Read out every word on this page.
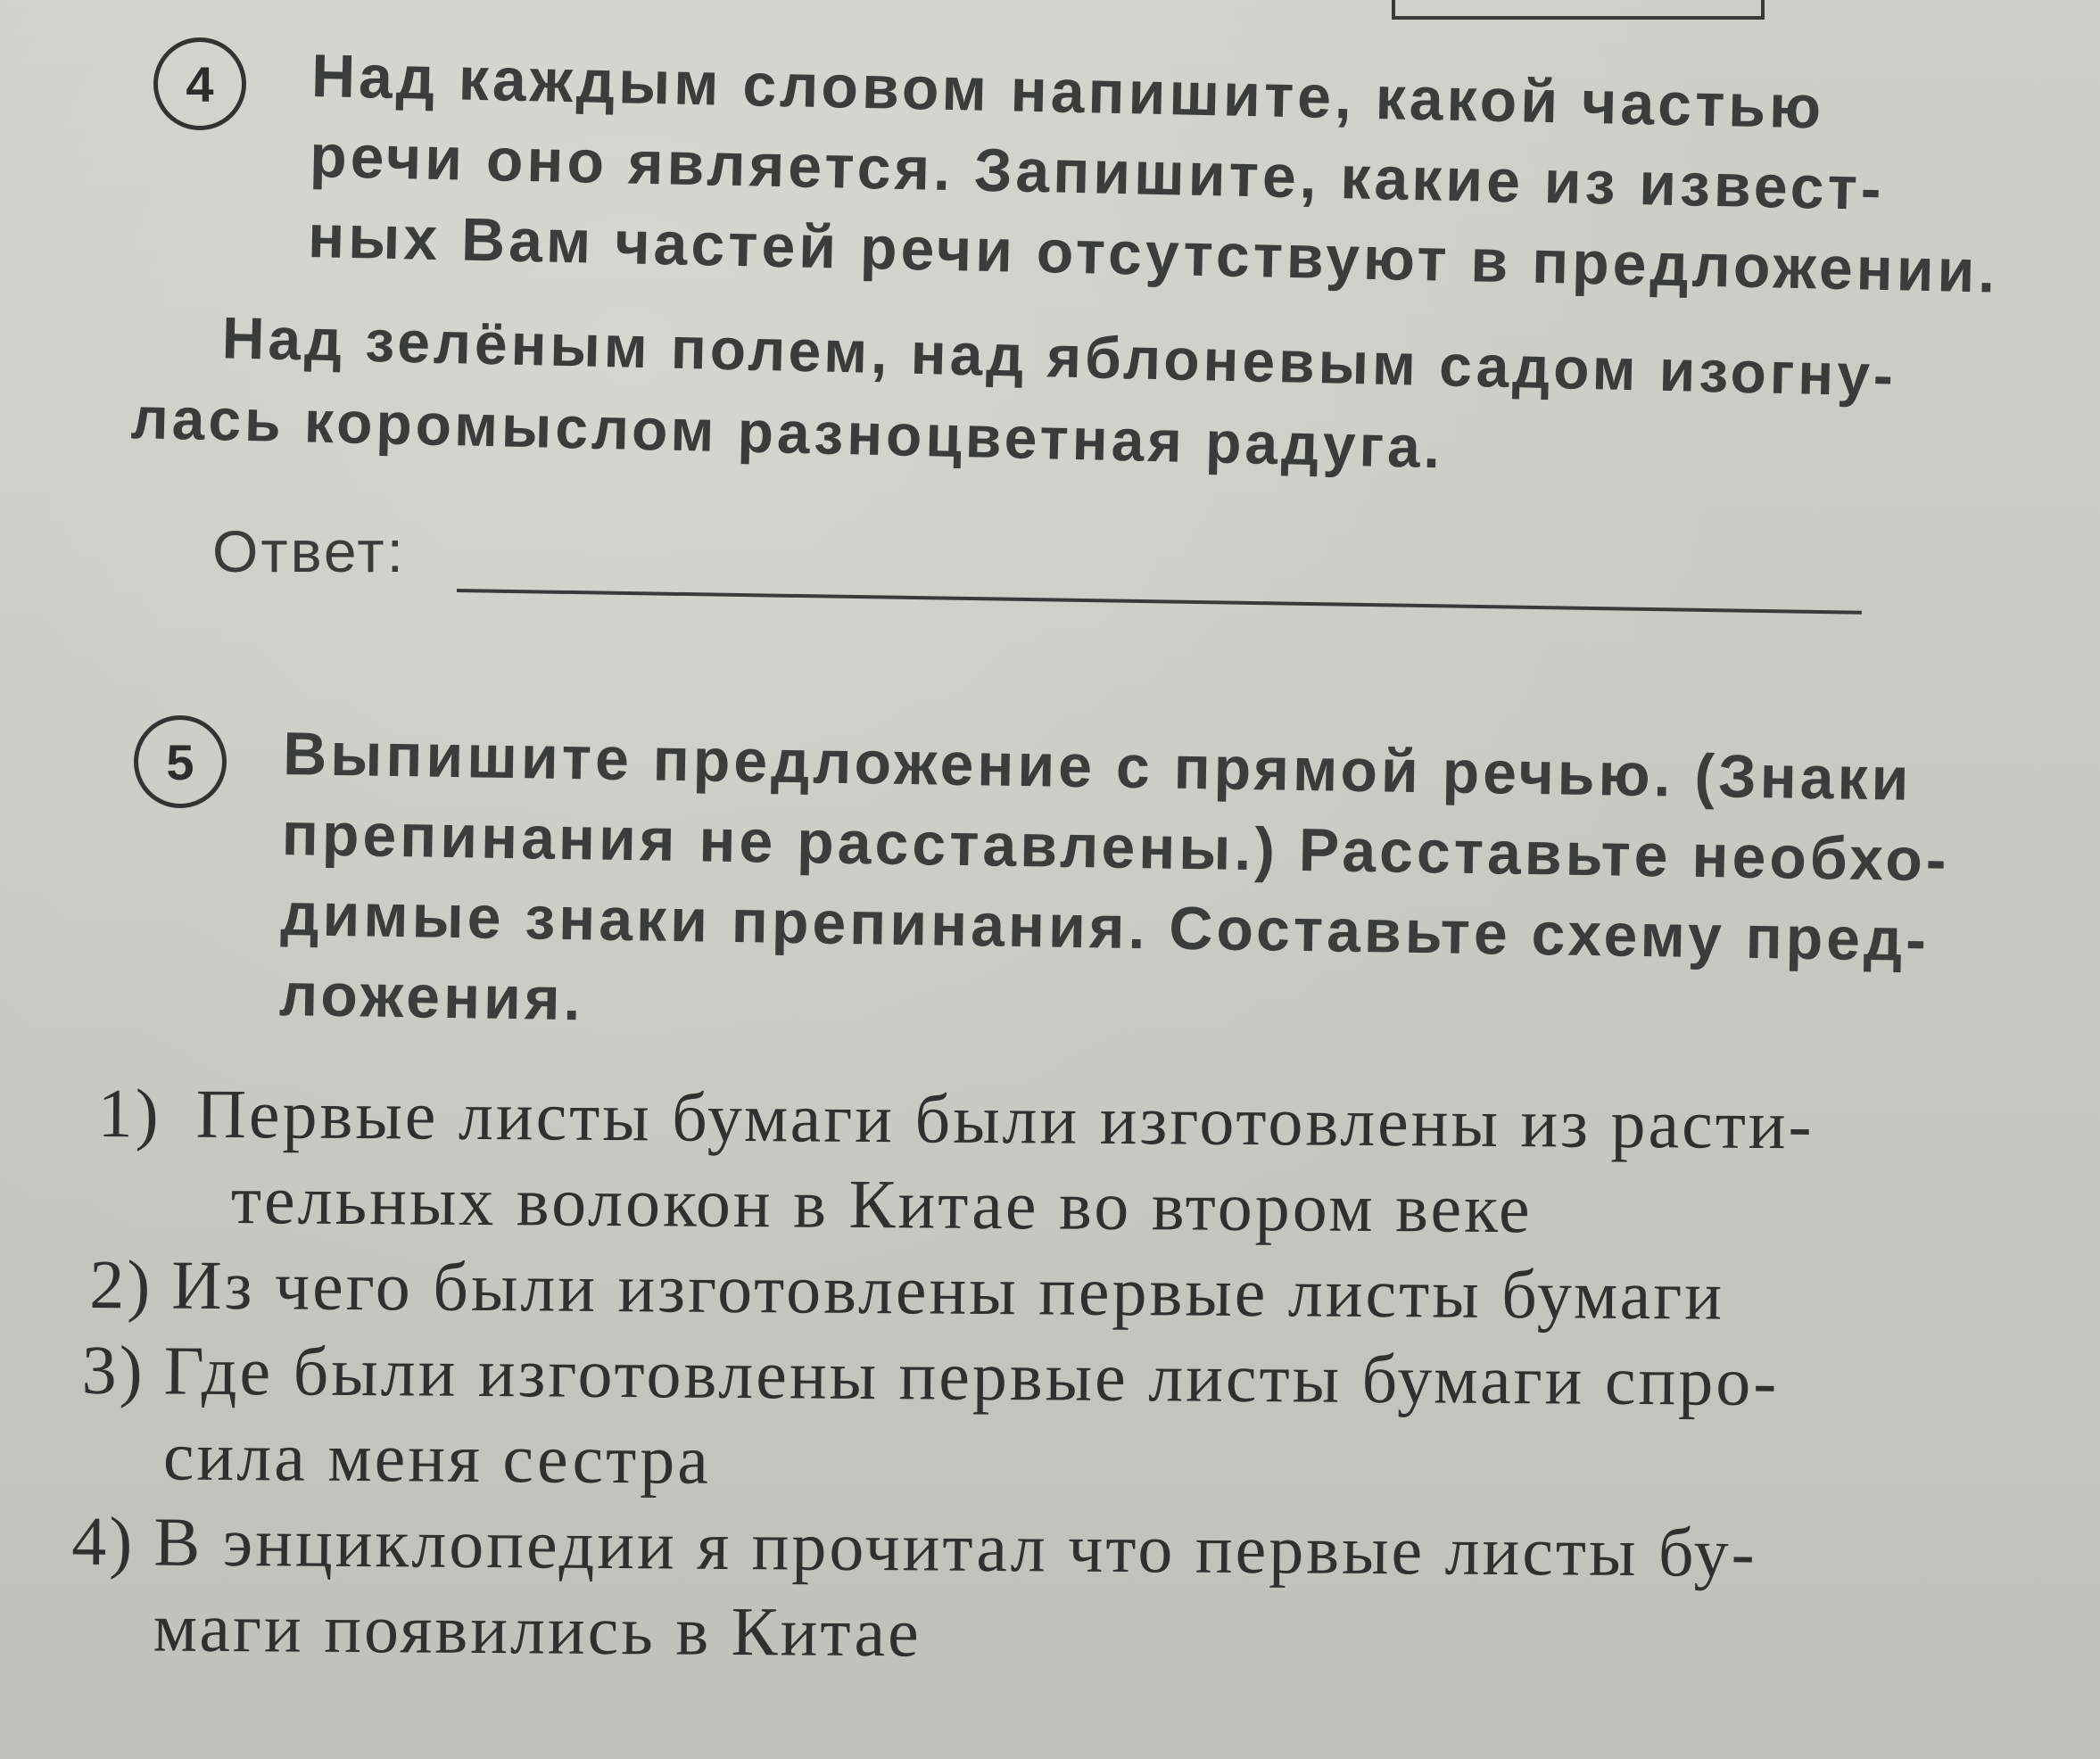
4 Над каждым словом напишите, какой частью
речи оно является. Запишите, какие из извест-
ных Вам частей речи отсутствуют в предложении.
Над зелёным полем, над яблоневым садом изогну-
лась коромыслом разноцветная радуга.
Ответ:
5 Выпишите предложение с прямой речью. (Знаки
препинания не расставлены.) Расставьте необхо-
димые знаки препинания. Составьте схему пред-
ложения.
1) Первые листы бумаги были изготовлены из расти-
тельных волокон в Китае во втором веке
2) Из чего были изготовлены первые листы бумаги
3) Где были изготовлены первые листы бумаги спро-
сила меня сестра
4) В энциклопедии я прочитал что первые листы бу-
маги появились в Китае
